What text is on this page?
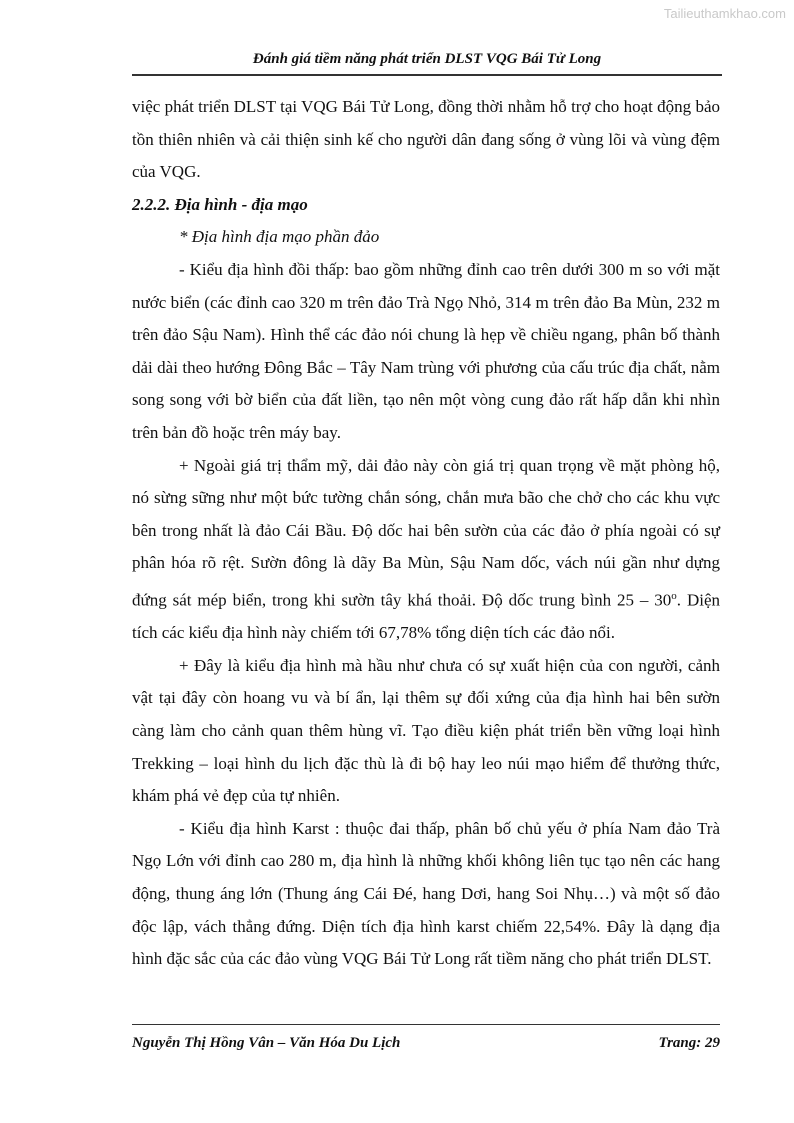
Tailieuthamkhao.com
Đánh giá tiềm năng phát triển DLST VQG Bái Tử Long

việc phát triển DLST tại VQG Bái Tử Long, đồng thời nhằm hỗ trợ cho hoạt động bảo tồn thiên nhiên và cải thiện sinh kế cho người dân đang sống ở vùng lõi và vùng đệm của VQG.

2.2.2. Địa hình - địa mạo

* Địa hình địa mạo phần đảo

- Kiểu địa hình đồi thấp: bao gồm những đỉnh cao trên dưới 300 m so với mặt nước biển (các đỉnh cao 320 m trên đảo Trà Ngọ Nhỏ, 314 m trên đảo Ba Mùn, 232 m trên đảo Sậu Nam). Hình thể các đảo nói chung là hẹp về chiều ngang, phân bố thành dải dài theo hướng Đông Bắc – Tây Nam trùng với phương của cấu trúc địa chất, nằm song song với bờ biển của đất liền, tạo nên một vòng cung đảo rất hấp dẫn khi nhìn trên bản đồ hoặc trên máy bay.

+ Ngoài giá trị thẩm mỹ, dải đảo này còn giá trị quan trọng về mặt phòng hộ, nó sừng sững như một bức tường chắn sóng, chắn mưa bão che chở cho các khu vực bên trong nhất là đảo Cái Bầu. Độ dốc hai bên sườn của các đảo ở phía ngoài có sự phân hóa rõ rệt. Sườn đông là dãy Ba Mùn, Sậu Nam dốc, vách núi gần như dựng đứng sát mép biển, trong khi sườn tây khá thoải. Độ dốc trung bình 25 – 30$^o$. Diện tích các kiểu địa hình này chiếm tới 67,78% tổng diện tích các đảo nổi.

+ Đây là kiểu địa hình mà hầu như chưa có sự xuất hiện của con người, cảnh vật tại đây còn hoang vu và bí ẩn, lại thêm sự đối xứng của địa hình hai bên sườn càng làm cho cảnh quan thêm hùng vĩ. Tạo điều kiện phát triển bền vững loại hình Trekking – loại hình du lịch đặc thù là đi bộ hay leo núi mạo hiểm để thưởng thức, khám phá vẻ đẹp của tự nhiên.

- Kiểu địa hình Karst : thuộc đai thấp, phân bố chủ yếu ở phía Nam đảo Trà Ngọ Lớn với đỉnh cao 280 m, địa hình là những khối không liên tục tạo nên các hang động, thung áng lớn (Thung áng Cái Đé, hang Dơi, hang Soi Nhụ…) và một số đảo độc lập, vách thẳng đứng. Diện tích địa hình karst chiếm 22,54%. Đây là dạng địa hình đặc sắc của các đảo vùng VQG Bái Tử Long rất tiềm năng cho phát triển DLST.

Nguyễn Thị Hồng Vân – Văn Hóa Du Lịch	Trang: 29
